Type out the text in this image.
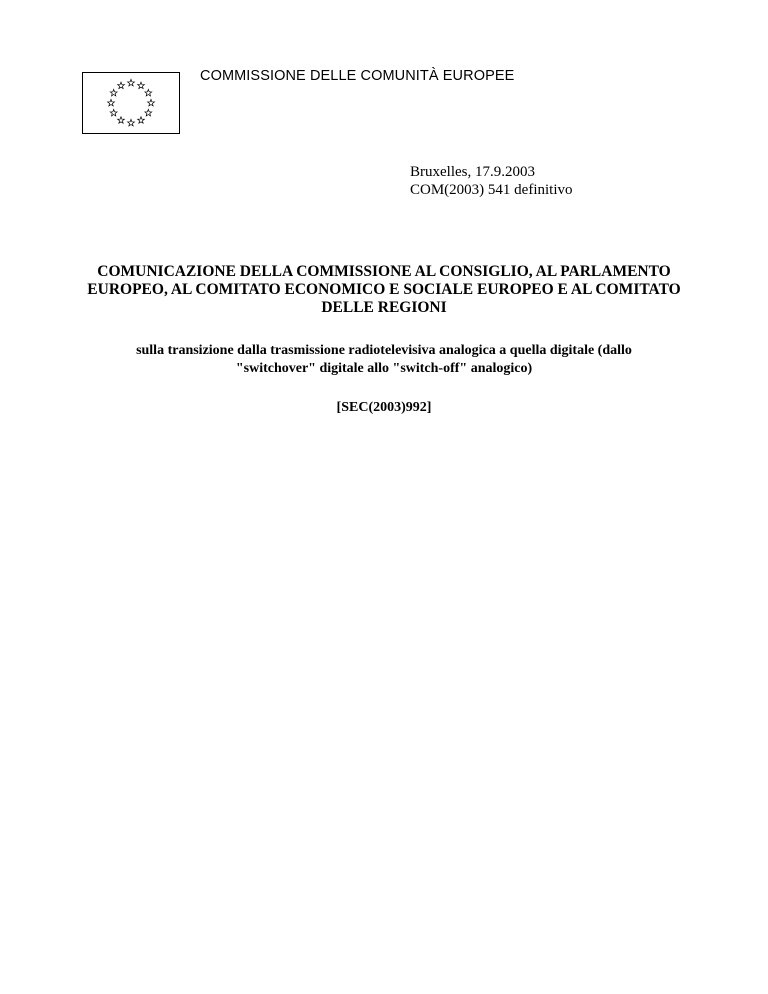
COMMISSIONE DELLE COMUNITÀ EUROPEE
Bruxelles, 17.9.2003
COM(2003) 541 definitivo
COMUNICAZIONE DELLA COMMISSIONE AL CONSIGLIO, AL PARLAMENTO
EUROPEO, AL COMITATO ECONOMICO E SOCIALE EUROPEO E AL COMITATO
DELLE REGIONI
sulla transizione dalla trasmissione radiotelevisiva analogica a quella digitale (dallo
"switchover" digitale allo "switch-off" analogico)
[SEC(2003)992]
